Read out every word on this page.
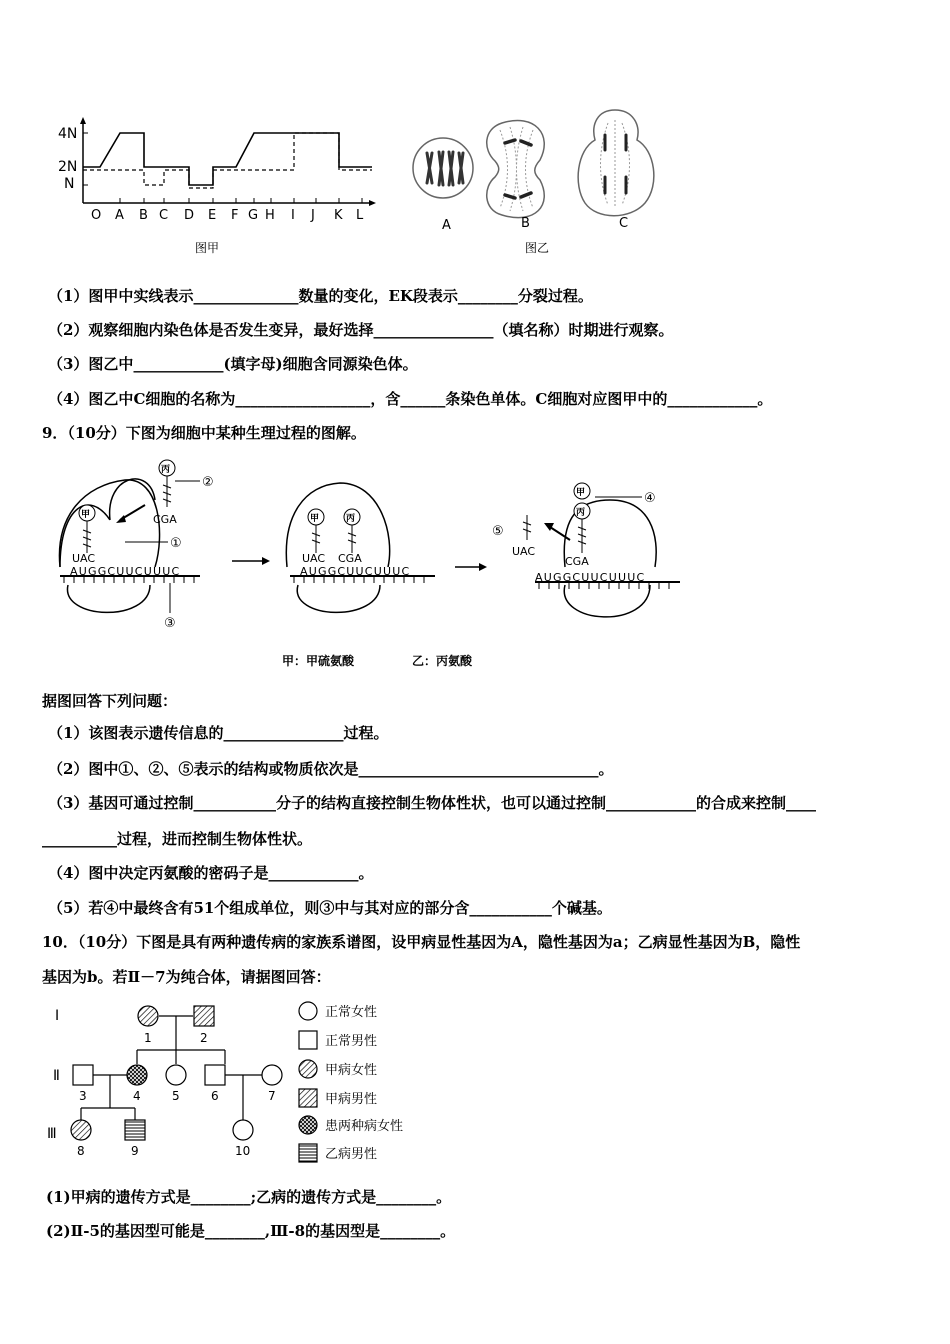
4N
2N
N
O A B C D E F G H I J K L
图甲
A	B	C
图乙
（1）图甲中实线表示______________数量的变化，EK段表示________分裂过程。
（2）观察细胞内染色体是否发生变异，最好选择________________（填名称）时期进行观察。
（3）图乙中____________(填字母)细胞含同源染色体。
（4）图乙中C细胞的名称为__________________，含______条染色单体。C细胞对应图甲中的____________。
9．（10分）下图为细胞中某种生理过程的图解。
AUGGCUUCUUUC
UAC
甲
丙
CGA
②
①
③
AUGGCUUCUUUC
UAC CGA
甲	丙
AUGGCUUCUUUC
CGA
甲
丙
④
UAC
⑤
甲：甲硫氨酸	乙：丙氨酸
据图回答下列问题：
（1）该图表示遗传信息的________________过程。
（2）图中①、②、⑤表示的结构或物质依次是________________________________。
（3）基因可通过控制___________分子的结构直接控制生物体性状，也可以通过控制____________的合成来控制____
__________过程，进而控制生物体性状。
（4）图中决定丙氨酸的密码子是____________。
（5）若④中最终含有51个组成单位，则③中与其对应的部分含___________个碱基。
10．（10分）下图是具有两种遗传病的家族系谱图，设甲病显性基因为A，隐性基因为a；乙病显性基因为B，隐性
基因为b。若Ⅱ－7为纯合体，请据图回答：
Ⅰ
Ⅱ
Ⅲ
1	2
3	4	5	6	7
8	9	10
正常女性
正常男性
甲病女性
甲病男性
患两种病女性
乙病男性
(1)甲病的遗传方式是________;乙病的遗传方式是________。
(2)Ⅱ-5的基因型可能是________,Ⅲ-8的基因型是________。
